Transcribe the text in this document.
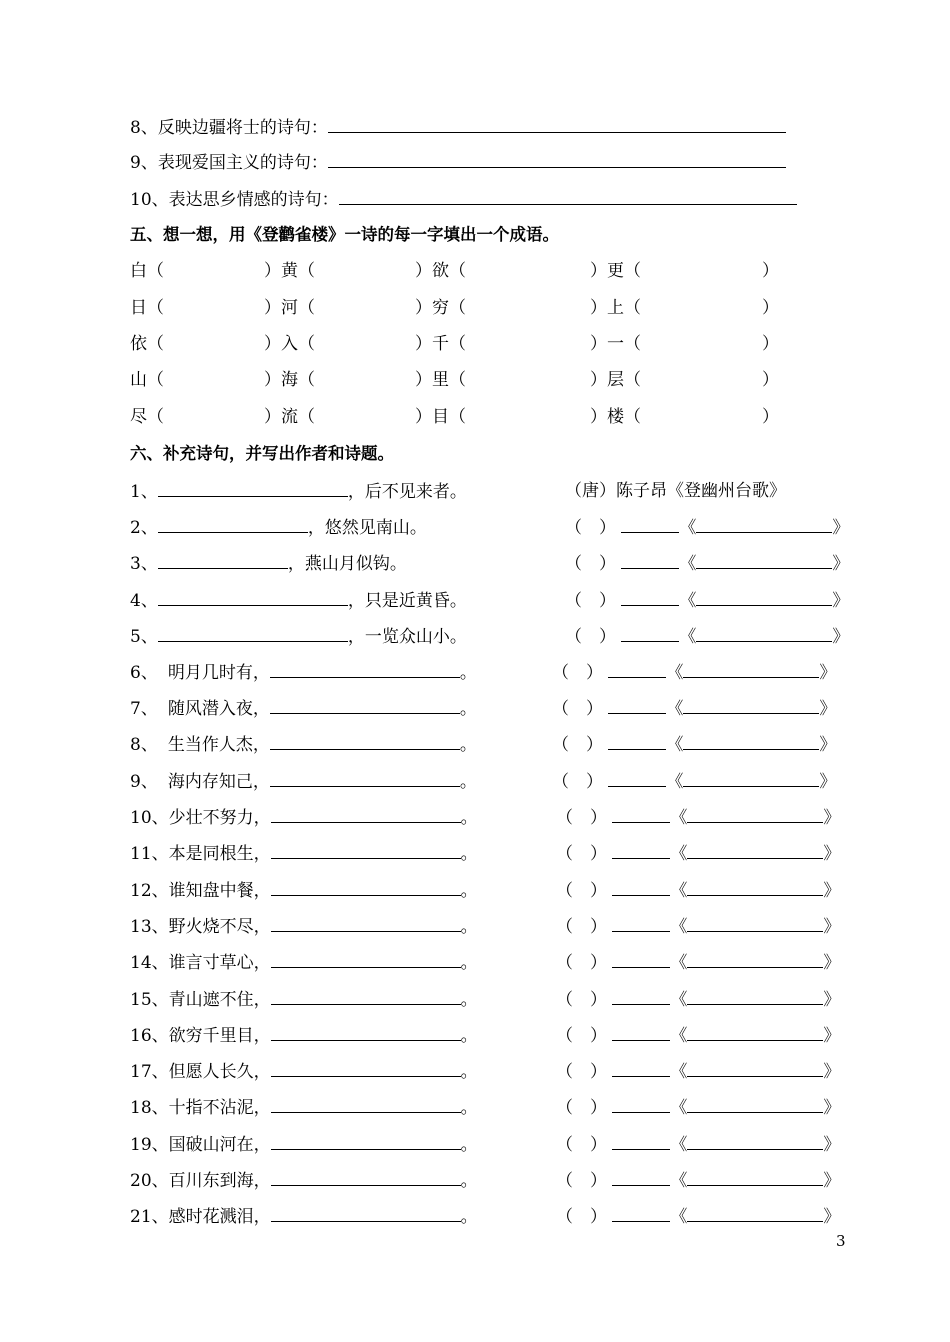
8、反映边疆将士的诗句：
9、表现爱国主义的诗句：
10、表达思乡情感的诗句：
五、想一想，用《登鹳雀楼》一诗的每一字填出一个成语。
白（	）黄（	）欲（	）更（	）
日（	）河（	）穷（	）上（	）
依（	）入（	）千（	）一（	）
山（	）海（	）里（	）层（	）
尽（	）流（	）目（	）楼（	）
六、补充诗句，并写出作者和诗题。
1、	，后不见来者。	（唐）陈子昂《登幽州台歌》
2、	，悠然见南山。	（　）	《	》
3、	，燕山月似钩。	（　）	《	》
4、	，只是近黄昏。	（　）	《	》
5、	，一览众山小。	（　）	《	》
6、 明月几时有，	。	（　）	《	》
7、 随风潜入夜，	。	（　）	《	》
8、 生当作人杰，	。	（　）	《	》
9、 海内存知己，	。	（　）	《	》
10、少壮不努力，	。	（　）	《	》
11、本是同根生，	。	（　）	《	》
12、谁知盘中餐，	。	（　）	《	》
13、野火烧不尽，	。	（　）	《	》
14、谁言寸草心，	。	（　）	《	》
15、青山遮不住，	。	（　）	《	》
16、欲穷千里目，	。	（　）	《	》
17、但愿人长久，	。	（　）	《	》
18、十指不沾泥，	。	（　）	《	》
19、国破山河在，	。	（　）	《	》
20、百川东到海，	。	（　）	《	》
21、感时花溅泪，	。	（　）	《	》
3
